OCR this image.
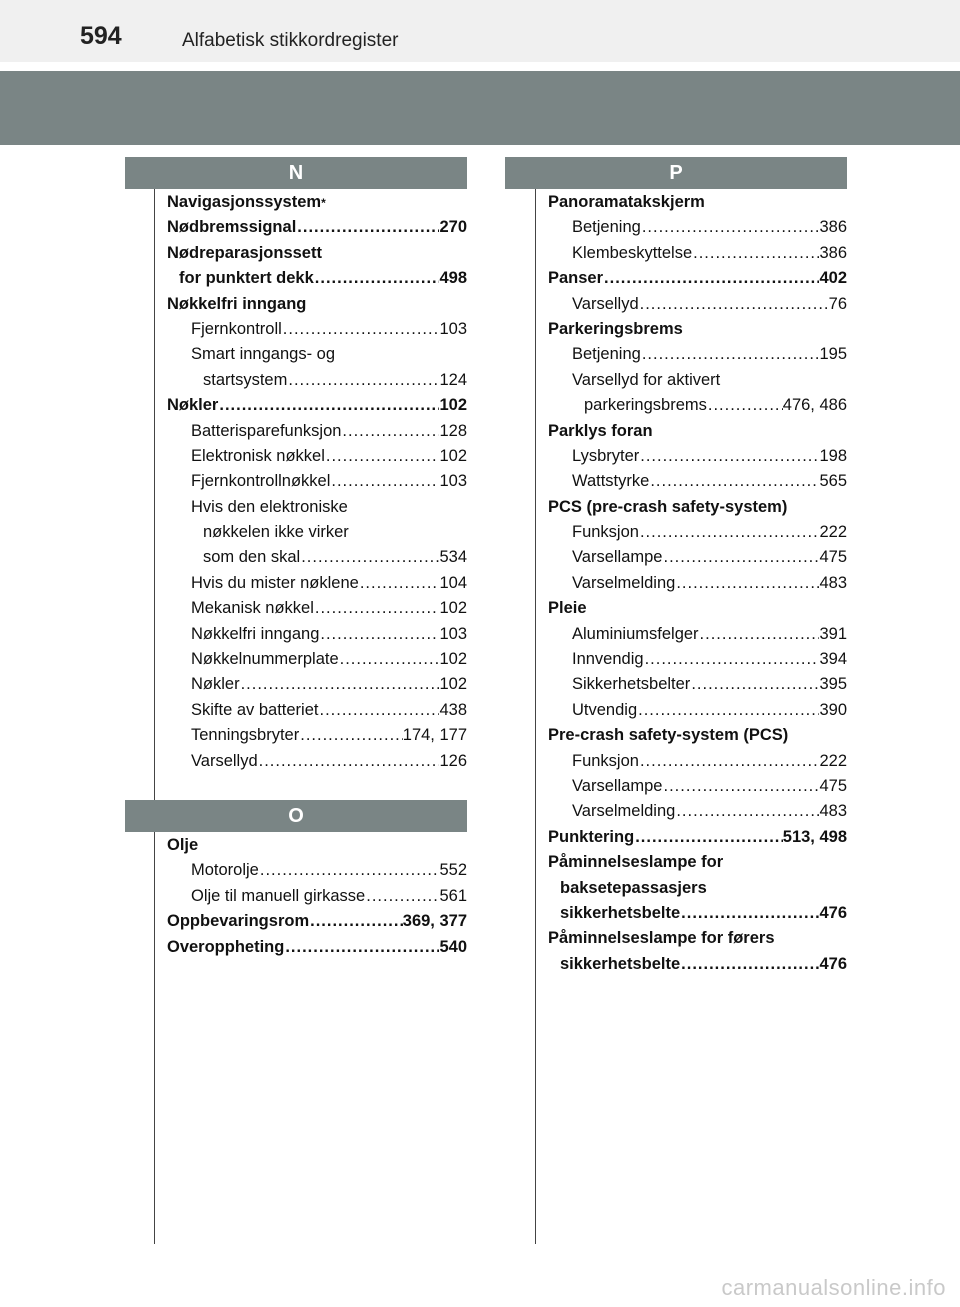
594	Alfabetisk stikkordregister
N
O
P
Navigasjonssystem *
Nødbremssignal .....	270
Nødreparasjonssett
for punktert dekk .....	498
Nøkkelfri inngang
Fjernkontroll .....	103
Smart inngangs- og
startsystem .....	124
Nøkler .....	102
Batterisparefunksjon .....	128
Elektronisk nøkkel .....	102
Fjernkontrollnøkkel .....	103
Hvis den elektroniske
nøkkelen ikke virker
som den skal .....	534
Hvis du mister nøklene .....	104
Mekanisk nøkkel .....	102
Nøkkelfri inngang .....	103
Nøkkelnummerplate .....	102
Nøkler .....	102
Skifte av batteriet .....	438
Tenningsbryter .....	174, 177
Varsellyd .....	126
Olje
Motorolje .....	552
Olje til manuell girkasse .....	561
Oppbevaringsrom .....	369, 377
Overoppheting .....	540
Panoramatakskjerm
Betjening .....	386
Klembeskyttelse .....	386
Panser .....	402
Varsellyd .....	76
Parkeringsbrems
Betjening .....	195
Varsellyd for aktivert
parkeringsbrems .....	476, 486
Parklys foran
Lysbryter .....	198
Wattstyrke .....	565
PCS (pre-crash safety-system)
Funksjon .....	222
Varsellampe .....	475
Varselmelding .....	483
Pleie
Aluminiumsfelger .....	391
Innvendig .....	394
Sikkerhetsbelter .....	395
Utvendig .....	390
Pre-crash safety-system (PCS)
Funksjon .....	222
Varsellampe .....	475
Varselmelding .....	483
Punktering .....	513, 498
Påminnelseslampe for
baksetepassasjers
sikkerhetsbelte .....	476
Påminnelseslampe for førers
sikkerhetsbelte .....	476
carmanualsonline.info
